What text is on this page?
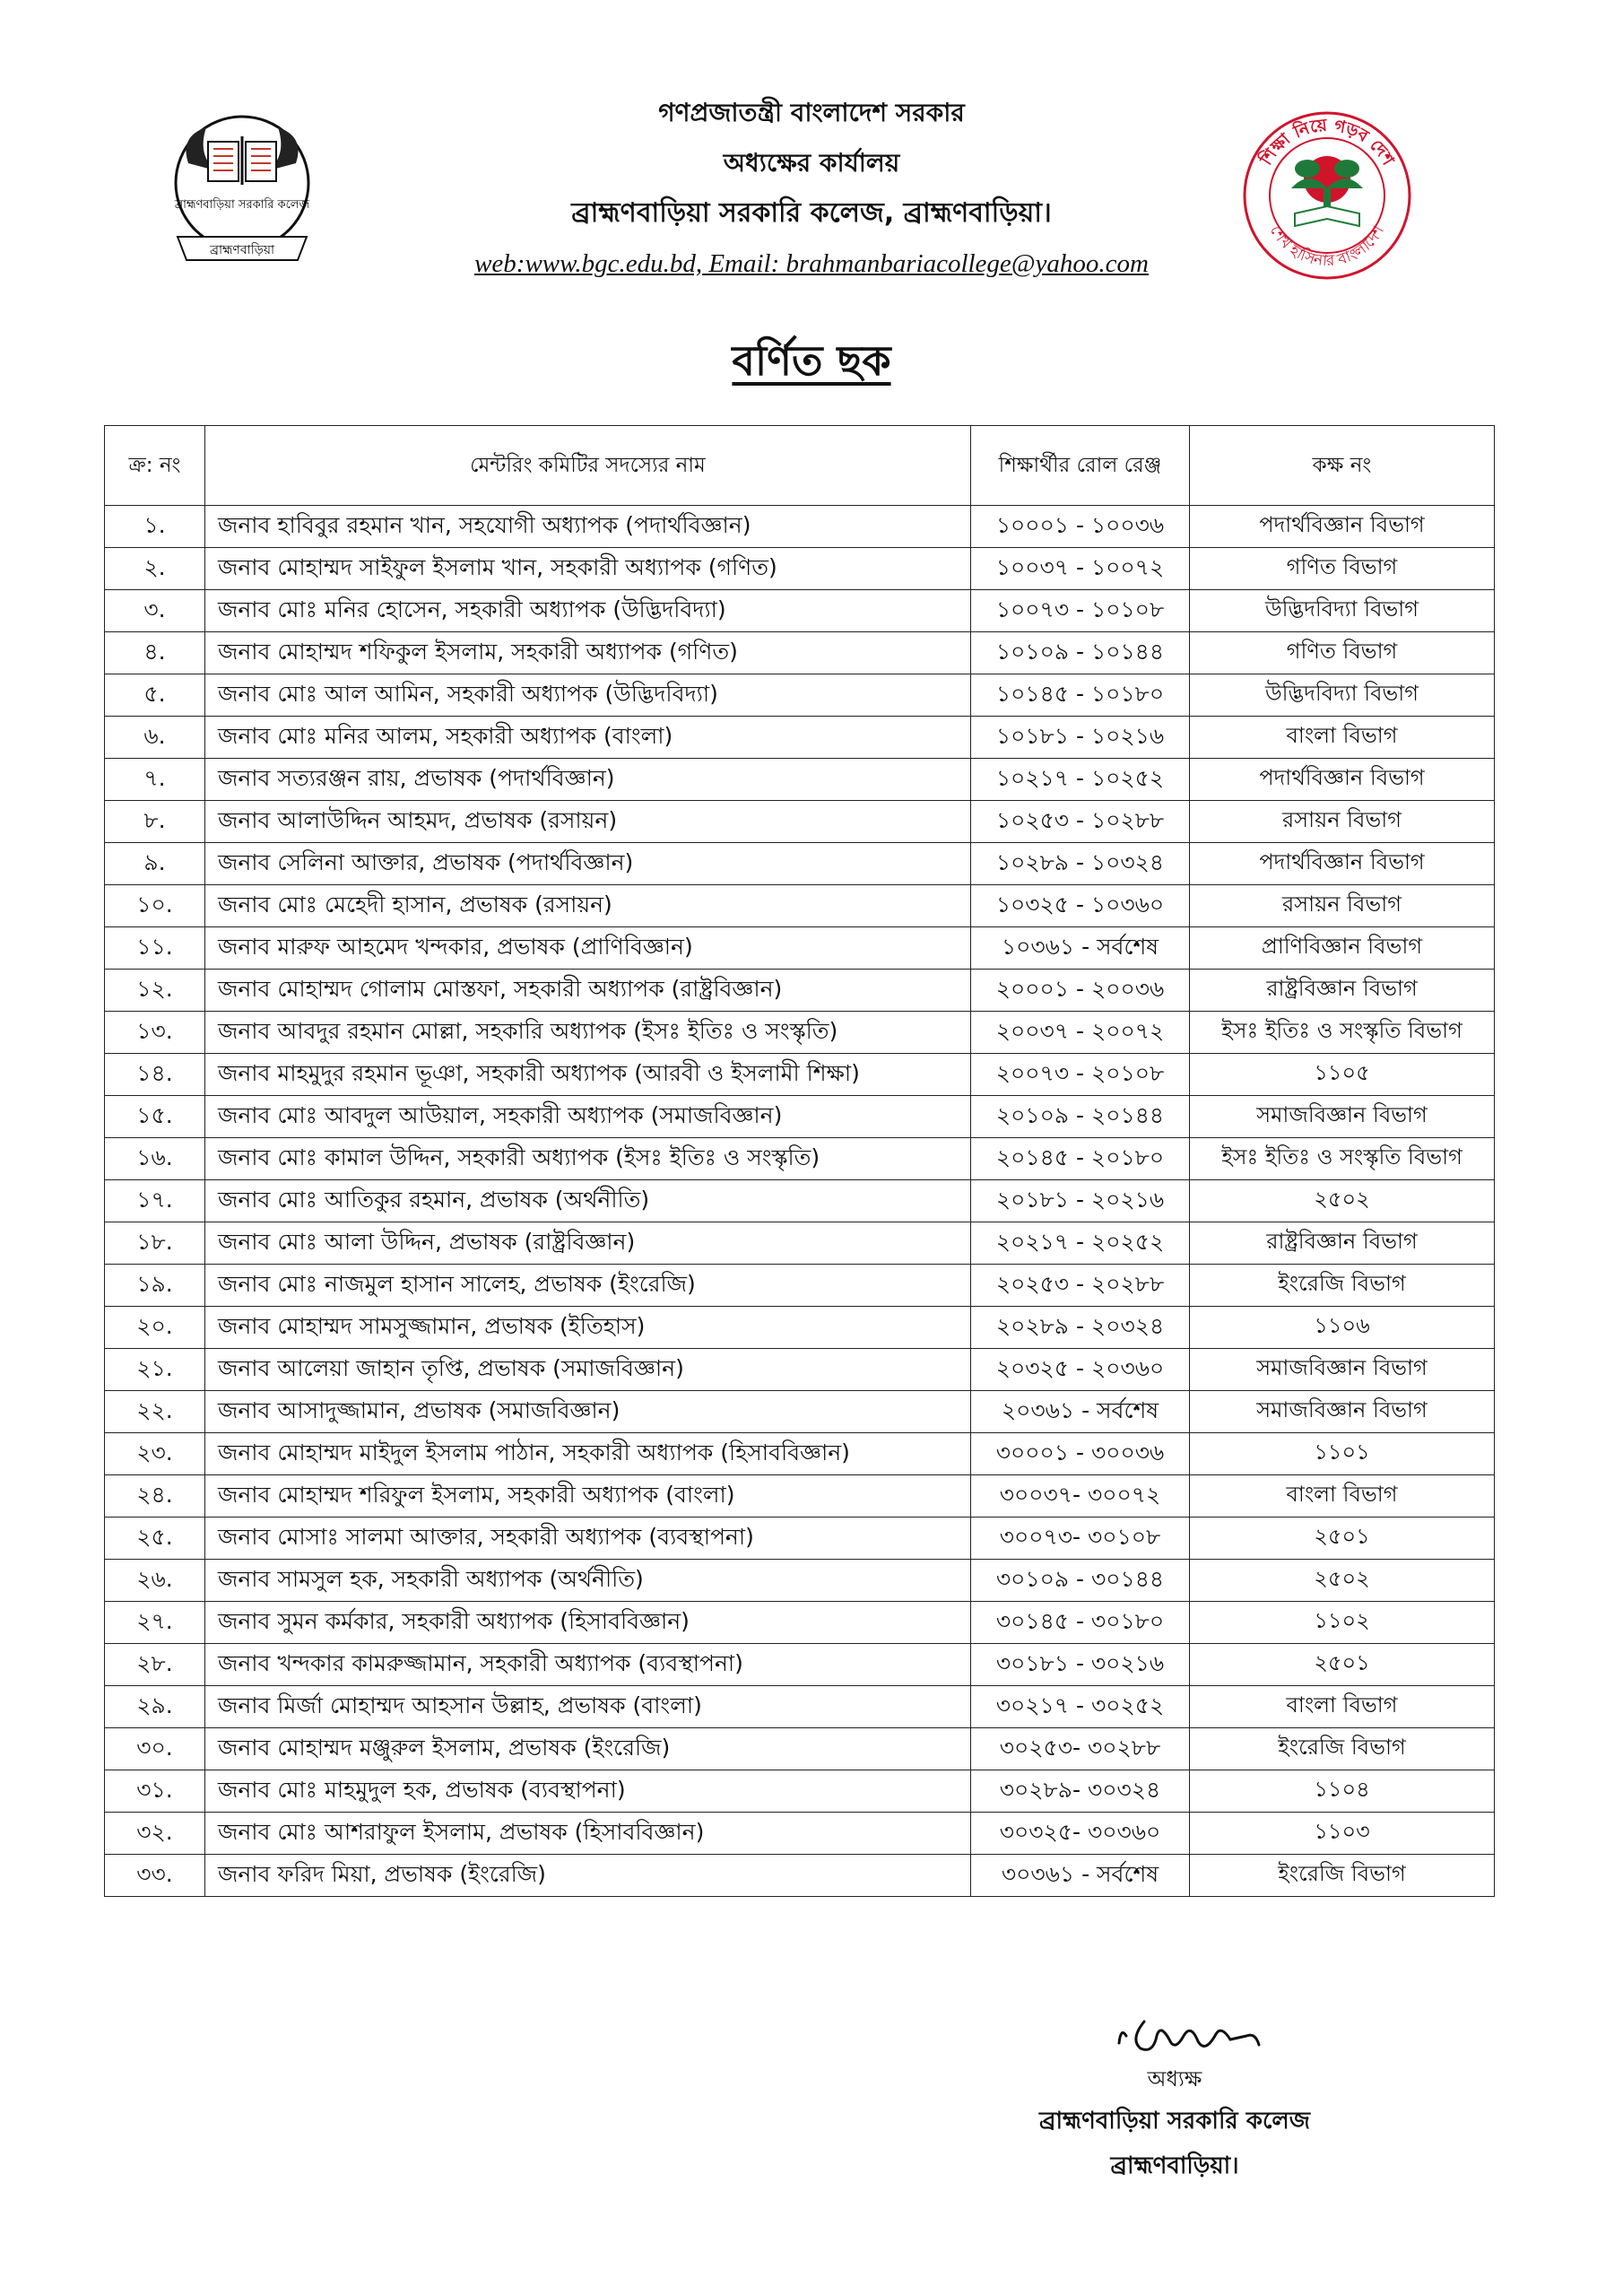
ব্রাহ্মণবাড়িয়া সরকারি কলেজ
ব্রাহ্মণবাড়িয়া
শিক্ষা নিয়ে গড়ব দেশ
শেখ হাসিনার বাংলাদেশ
গণপ্রজাতন্ত্রী বাংলাদেশ সরকার
অধ্যক্ষের কার্যালয়
ব্রাহ্মণবাড়িয়া সরকারি কলেজ, ব্রাহ্মণবাড়িয়া।
web:www.bgc.edu.bd, Email: brahmanbariacollege@yahoo.com
বর্ণিত ছক
ক্র: নং	মেন্টরিং কমিটির সদস্যের নাম	শিক্ষার্থীর রোল রেঞ্জ	কক্ষ নং
১.	জনাব হাবিবুর রহমান খান, সহযোগী অধ্যাপক (পদার্থবিজ্ঞান)	১০০০১ - ১০০৩৬	পদার্থবিজ্ঞান বিভাগ
২.	জনাব মোহাম্মদ সাইফুল ইসলাম খান, সহকারী অধ্যাপক (গণিত)	১০০৩৭ - ১০০৭২	গণিত বিভাগ
৩.	জনাব মোঃ মনির হোসেন, সহকারী অধ্যাপক (উদ্ভিদবিদ্যা)	১০০৭৩ - ১০১০৮	উদ্ভিদবিদ্যা বিভাগ
৪.	জনাব মোহাম্মদ শফিকুল ইসলাম, সহকারী অধ্যাপক (গণিত)	১০১০৯ - ১০১৪৪	গণিত বিভাগ
৫.	জনাব মোঃ আল আমিন, সহকারী অধ্যাপক (উদ্ভিদবিদ্যা)	১০১৪৫ - ১০১৮০	উদ্ভিদবিদ্যা বিভাগ
৬.	জনাব মোঃ মনির আলম, সহকারী অধ্যাপক (বাংলা)	১০১৮১ - ১০২১৬	বাংলা বিভাগ
৭.	জনাব সত্যরঞ্জন রায়, প্রভাষক (পদার্থবিজ্ঞান)	১০২১৭ - ১০২৫২	পদার্থবিজ্ঞান বিভাগ
৮.	জনাব আলাউদ্দিন আহমদ, প্রভাষক (রসায়ন)	১০২৫৩ - ১০২৮৮	রসায়ন বিভাগ
৯.	জনাব সেলিনা আক্তার, প্রভাষক (পদার্থবিজ্ঞান)	১০২৮৯ - ১০৩২৪	পদার্থবিজ্ঞান বিভাগ
১০.	জনাব মোঃ মেহেদী হাসান, প্রভাষক (রসায়ন)	১০৩২৫ - ১০৩৬০	রসায়ন বিভাগ
১১.	জনাব মারুফ আহমেদ খন্দকার, প্রভাষক (প্রাণিবিজ্ঞান)	১০৩৬১ - সর্বশেষ	প্রাণিবিজ্ঞান বিভাগ
১২.	জনাব মোহাম্মদ গোলাম মোস্তফা, সহকারী অধ্যাপক (রাষ্ট্রবিজ্ঞান)	২০০০১ - ২০০৩৬	রাষ্ট্রবিজ্ঞান বিভাগ
১৩.	জনাব আবদুর রহমান মোল্লা, সহকারি অধ্যাপক (ইসঃ ইতিঃ ও সংস্কৃতি)	২০০৩৭ - ২০০৭২	ইসঃ ইতিঃ ও সংস্কৃতি বিভাগ
১৪.	জনাব মাহমুদুর রহমান ভূঞা, সহকারী অধ্যাপক (আরবী ও ইসলামী শিক্ষা)	২০০৭৩ - ২০১০৮	১১০৫
১৫.	জনাব মোঃ আবদুল আউয়াল, সহকারী অধ্যাপক (সমাজবিজ্ঞান)	২০১০৯ - ২০১৪৪	সমাজবিজ্ঞান বিভাগ
১৬.	জনাব মোঃ কামাল উদ্দিন, সহকারী অধ্যাপক (ইসঃ ইতিঃ ও সংস্কৃতি)	২০১৪৫ - ২০১৮০	ইসঃ ইতিঃ ও সংস্কৃতি বিভাগ
১৭.	জনাব মোঃ আতিকুর রহমান, প্রভাষক (অর্থনীতি)	২০১৮১ - ২০২১৬	২৫০২
১৮.	জনাব মোঃ আলা উদ্দিন, প্রভাষক (রাষ্ট্রবিজ্ঞান)	২০২১৭ - ২০২৫২	রাষ্ট্রবিজ্ঞান বিভাগ
১৯.	জনাব মোঃ নাজমুল হাসান সালেহ, প্রভাষক (ইংরেজি)	২০২৫৩ - ২০২৮৮	ইংরেজি বিভাগ
২০.	জনাব মোহাম্মদ সামসুজ্জামান, প্রভাষক (ইতিহাস)	২০২৮৯ - ২০৩২৪	১১০৬
২১.	জনাব আলেয়া জাহান তৃপ্তি, প্রভাষক (সমাজবিজ্ঞান)	২০৩২৫ - ২০৩৬০	সমাজবিজ্ঞান বিভাগ
২২.	জনাব আসাদুজ্জামান, প্রভাষক (সমাজবিজ্ঞান)	২০৩৬১ - সর্বশেষ	সমাজবিজ্ঞান বিভাগ
২৩.	জনাব মোহাম্মদ মাইদুল ইসলাম পাঠান, সহকারী অধ্যাপক (হিসাববিজ্ঞান)	৩০০০১ - ৩০০৩৬	১১০১
২৪.	জনাব মোহাম্মদ শরিফুল ইসলাম, সহকারী অধ্যাপক (বাংলা)	৩০০৩৭- ৩০০৭২	বাংলা বিভাগ
২৫.	জনাব মোসাঃ সালমা আক্তার, সহকারী অধ্যাপক (ব্যবস্থাপনা)	৩০০৭৩- ৩০১০৮	২৫০১
২৬.	জনাব সামসুল হক, সহকারী অধ্যাপক (অর্থনীতি)	৩০১০৯ - ৩০১৪৪	২৫০২
২৭.	জনাব সুমন কর্মকার, সহকারী অধ্যাপক (হিসাববিজ্ঞান)	৩০১৪৫ - ৩০১৮০	১১০২
২৮.	জনাব খন্দকার কামরুজ্জামান, সহকারী অধ্যাপক (ব্যবস্থাপনা)	৩০১৮১ - ৩০২১৬	২৫০১
২৯.	জনাব মির্জা মোহাম্মদ আহসান উল্লাহ, প্রভাষক (বাংলা)	৩০২১৭ - ৩০২৫২	বাংলা বিভাগ
৩০.	জনাব মোহাম্মদ মঞ্জুরুল ইসলাম, প্রভাষক (ইংরেজি)	৩০২৫৩- ৩০২৮৮	ইংরেজি বিভাগ
৩১.	জনাব মোঃ মাহমুদুল হক, প্রভাষক (ব্যবস্থাপনা)	৩০২৮৯- ৩০৩২৪	১১০৪
৩২.	জনাব মোঃ আশরাফুল ইসলাম, প্রভাষক (হিসাববিজ্ঞান)	৩০৩২৫- ৩০৩৬০	১১০৩
৩৩.	জনাব ফরিদ মিয়া, প্রভাষক (ইংরেজি)	৩০৩৬১ - সর্বশেষ	ইংরেজি বিভাগ
অধ্যক্ষ
ব্রাহ্মণবাড়িয়া সরকারি কলেজ
ব্রাহ্মণবাড়িয়া।
